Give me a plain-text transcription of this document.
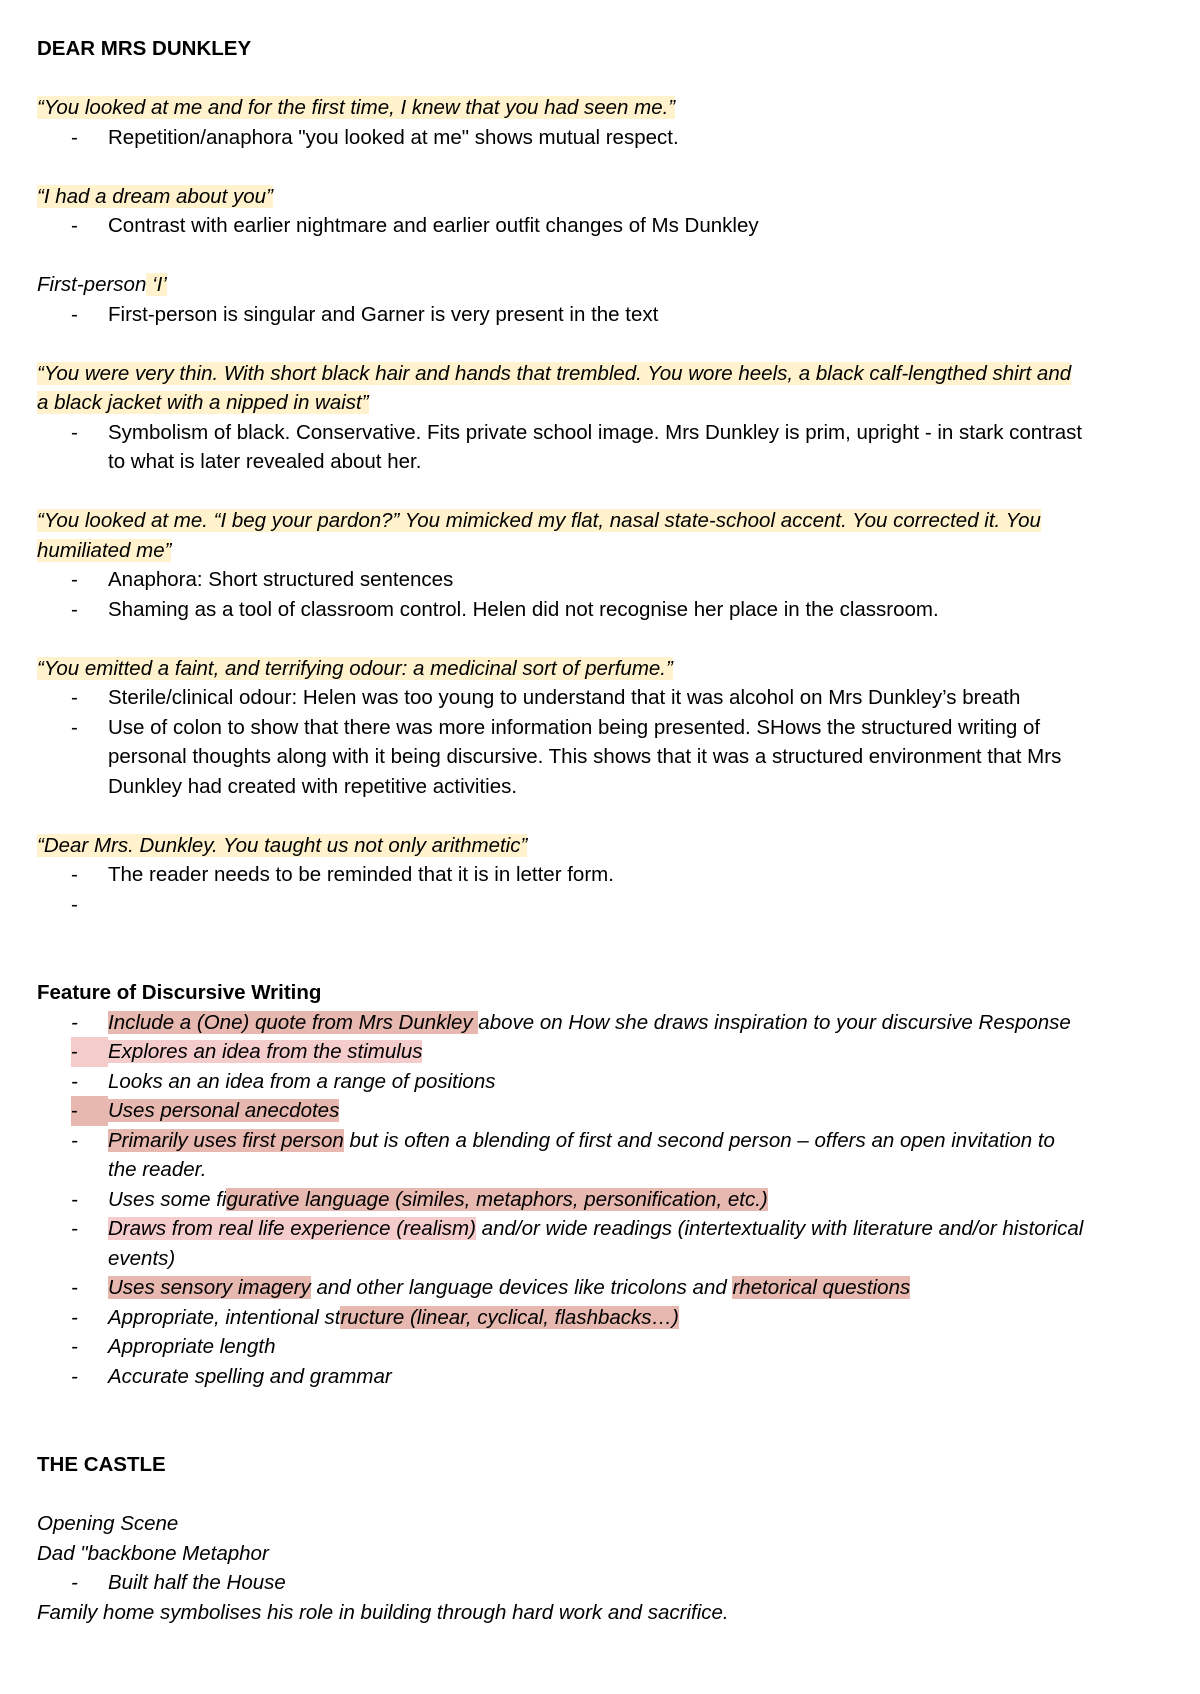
DEAR MRS DUNKLEY
“You looked at me and for the first time, I knew that you had seen me.”
-	Repetition/anaphora "you looked at me" shows mutual respect.
“I had a dream about you”
-	Contrast with earlier nightmare and earlier outfit changes of Ms Dunkley
First-person ‘I’
-	First-person is singular and Garner is very present in the text
“You were very thin. With short black hair and hands that trembled. You wore heels, a black calf-lengthed shirt and
a black jacket with a nipped in waist”
-	Symbolism of black. Conservative. Fits private school image. Mrs Dunkley is prim, upright - in stark contrast
to what is later revealed about her.
“You looked at me. “I beg your pardon?” You mimicked my flat, nasal state-school accent. You corrected it. You
humiliated me”
-	Anaphora: Short structured sentences
-	Shaming as a tool of classroom control. Helen did not recognise her place in the classroom.
“You emitted a faint, and terrifying odour: a medicinal sort of perfume.”
-	Sterile/clinical odour: Helen was too young to understand that it was alcohol on Mrs Dunkley’s breath
-	Use of colon to show that there was more information being presented. SHows the structured writing of
personal thoughts along with it being discursive. This shows that it was a structured environment that Mrs
Dunkley had created with repetitive activities.
“Dear Mrs. Dunkley. You taught us not only arithmetic”
-	The reader needs to be reminded that it is in letter form.
-
Feature of Discursive Writing
-	Include a (One) quote from Mrs Dunkley above on How she draws inspiration to your discursive Response
- Explores an idea from the stimulus
-	Looks an an idea from a range of positions
- Uses personal anecdotes
-	Primarily uses first person but is often a blending of first and second person – offers an open invitation to
the reader.
-	Uses some figurative language (similes, metaphors, personification, etc.)
-	Draws from real life experience (realism) and/or wide readings (intertextuality with literature and/or historical
events)
-	Uses sensory imagery and other language devices like tricolons and rhetorical questions
-	Appropriate, intentional structure (linear, cyclical, flashbacks…)
-	Appropriate length
-	Accurate spelling and grammar
THE CASTLE
Opening Scene
Dad "backbone Metaphor
-	Built half the House
Family home symbolises his role in building through hard work and sacrifice.
